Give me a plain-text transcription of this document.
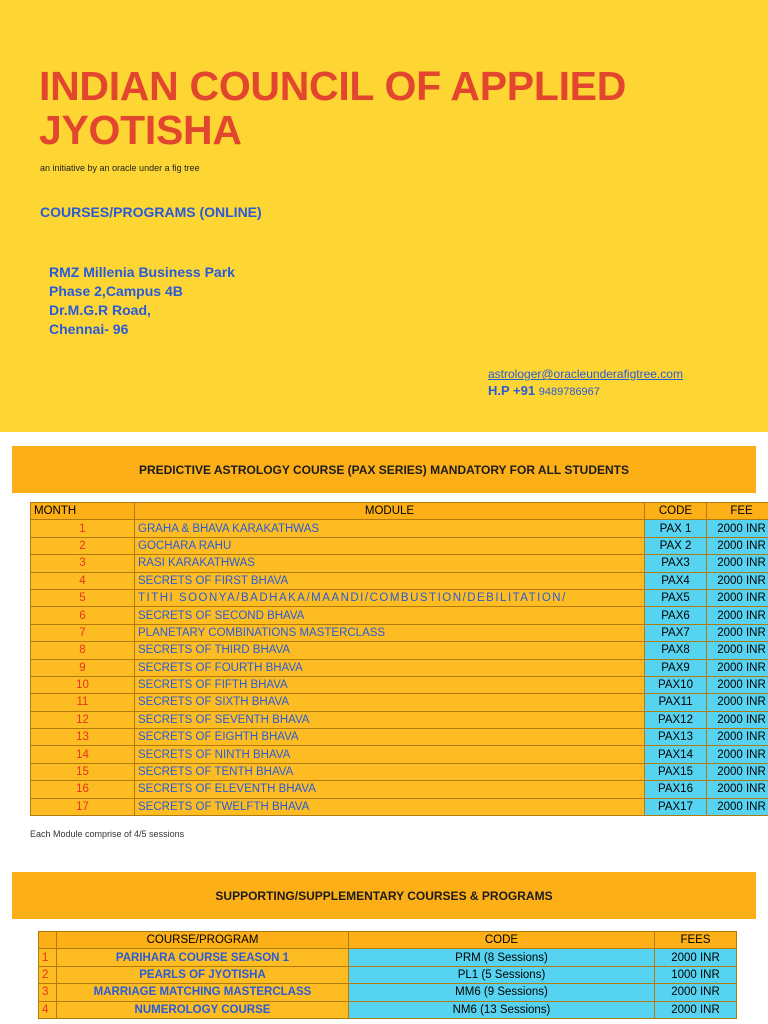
INDIAN COUNCIL OF APPLIED
JYOTISHA
an initiative by an oracle under a fig tree
COURSES/PROGRAMS (ONLINE)
RMZ Millenia Business Park
Phase 2,Campus 4B
Dr.M.G.R Road,
Chennai- 96
astrologer@oracleunderafigtree.com
H.P +91 9489786967
PREDICTIVE ASTROLOGY COURSE (PAX SERIES) MANDATORY FOR ALL STUDENTS
MONTH	MODULE	CODE	FEE
1	GRAHA & BHAVA KARAKATHWAS	PAX 1	2000 INR
2	GOCHARA RAHU	PAX 2	2000 INR
3	RASI KARAKATHWAS	PAX3	2000 INR
4	SECRETS OF FIRST BHAVA	PAX4	2000 INR
5	TITHI SOONYA/BADHAKA/MAANDI/COMBUSTION/DEBILITATION/	PAX5	2000 INR
6	SECRETS OF SECOND BHAVA	PAX6	2000 INR
7	PLANETARY COMBINATIONS MASTERCLASS	PAX7	2000 INR
8	SECRETS OF THIRD BHAVA	PAX8	2000 INR
9	SECRETS OF FOURTH BHAVA	PAX9	2000 INR
10	SECRETS OF FIFTH BHAVA	PAX10	2000 INR
11	SECRETS OF SIXTH BHAVA	PAX11	2000 INR
12	SECRETS OF SEVENTH BHAVA	PAX12	2000 INR
13	SECRETS OF EIGHTH BHAVA	PAX13	2000 INR
14	SECRETS OF NINTH BHAVA	PAX14	2000 INR
15	SECRETS OF TENTH BHAVA	PAX15	2000 INR
16	SECRETS OF ELEVENTH BHAVA	PAX16	2000 INR
17	SECRETS OF TWELFTH BHAVA	PAX17	2000 INR
Each Module comprise of 4/5 sessions
SUPPORTING/SUPPLEMENTARY COURSES & PROGRAMS
	COURSE/PROGRAM	CODE	FEES
1	PARIHARA COURSE SEASON 1	PRM (8 Sessions)	2000 INR
2	PEARLS OF JYOTISHA	PL1 (5 Sessions)	1000 INR
3	MARRIAGE MATCHING MASTERCLASS	MM6 (9 Sessions)	2000 INR
4	NUMEROLOGY COURSE	NM6 (13 Sessions)	2000 INR
